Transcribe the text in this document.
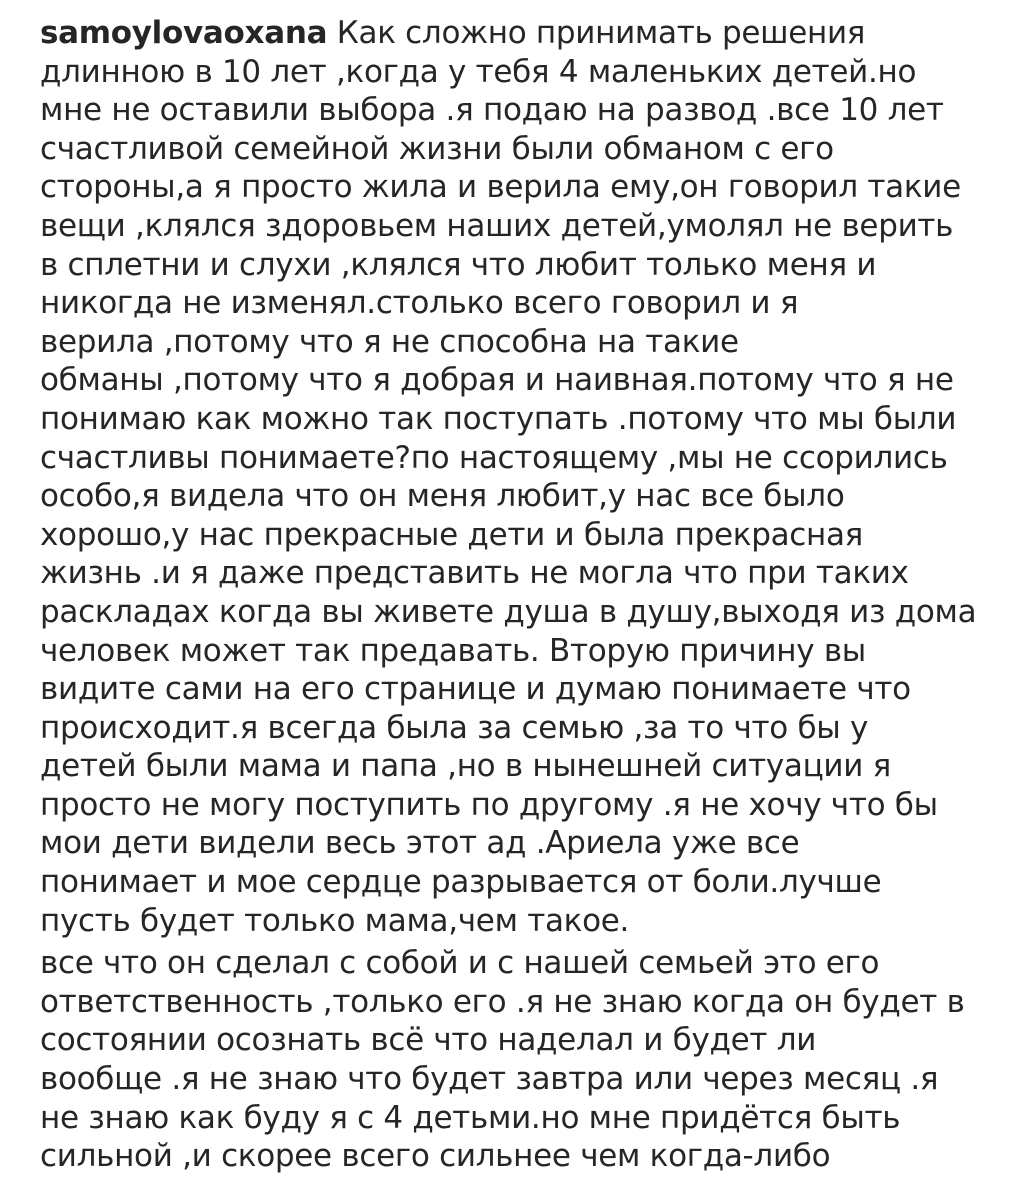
samoylovaoxana Как сложно принимать решения
длинною в 10 лет ,когда у тебя 4 маленьких детей.но
мне не оставили выбора .я подаю на развод .все 10 лет
счастливой семейной жизни были обманом с его
стороны,а я просто жила и верила ему,он говорил такие
вещи ,клялся здоровьем наших детей,умолял не верить
в сплетни и слухи ,клялся что любит только меня и
никогда не изменял.столько всего говорил и я
верила ,потому что я не способна на такие
обманы ,потому что я добрая и наивная.потому что я не
понимаю как можно так поступать .потому что мы были
счастливы понимаете?по настоящему ,мы не ссорились
особо,я видела что он меня любит,у нас все было
хорошо,у нас прекрасные дети и была прекрасная
жизнь .и я даже представить не могла что при таких
раскладах когда вы живете душа в душу,выходя из дома
человек может так предавать. Вторую причину вы
видите сами на его странице и думаю понимаете что
происходит.я всегда была за семью ,за то что бы у
детей были мама и папа ,но в нынешней ситуации я
просто не могу поступить по другому .я не хочу что бы
мои дети видели весь этот ад .Ариела уже все
понимает и мое сердце разрывается от боли.лучше
пусть будет только мама,чем такое.
все что он сделал с собой и с нашей семьей это его
ответственность ,только его .я не знаю когда он будет в
состоянии осознать всё что наделал и будет ли
вообще .я не знаю что будет завтра или через месяц .я
не знаю как буду я с 4 детьми.но мне придётся быть
сильной ,и скорее всего сильнее чем когда-либо
